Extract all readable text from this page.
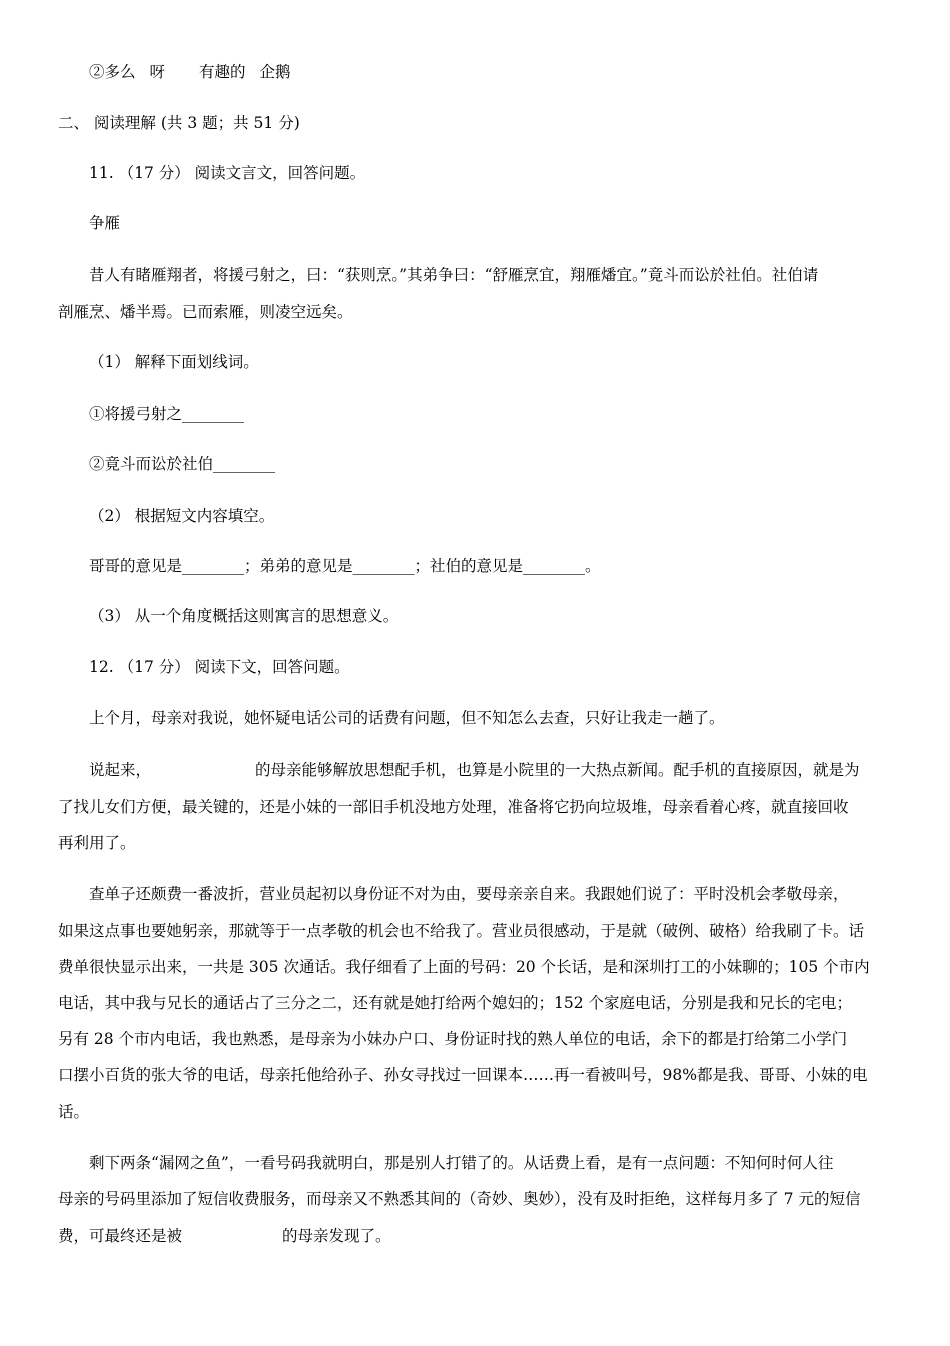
②多么 呀 有趣的 企鹅
二、 阅读理解 (共 3 题；共 51 分)
11. （17 分） 阅读文言文，回答问题。
争雁
昔人有睹雁翔者，将援弓射之，曰：“获则烹。”其弟争曰：“舒雁烹宜，翔雁燔宜。”竟斗而讼於社伯。社伯请
剖雁烹、燔半焉。已而索雁，则凌空远矣。
（1） 解释下面划线词。
①将援弓射之________
②竟斗而讼於社伯________
（2） 根据短文内容填空。
哥哥的意见是________；弟弟的意见是________；社伯的意见是________。
（3） 从一个角度概括这则寓言的思想意义。
12. （17 分） 阅读下文，回答问题。
上个月，母亲对我说，她怀疑电话公司的话费有问题，但不知怎么去查，只好让我走一趟了。
说起来，	的母亲能够解放思想配手机，也算是小院里的一大热点新闻。配手机的直接原因，就是为
了找儿女们方便，最关键的，还是小妹的一部旧手机没地方处理，准备将它扔向垃圾堆，母亲看着心疼，就直接回收
再利用了。
查单子还颇费一番波折，营业员起初以身份证不对为由，要母亲亲自来。我跟她们说了：平时没机会孝敬母亲，
如果这点事也要她躬亲，那就等于一点孝敬的机会也不给我了。营业员很感动，于是就（破例、破格）给我刷了卡。话
费单很快显示出来，一共是 305 次通话。我仔细看了上面的号码：20 个长话，是和深圳打工的小妹聊的；105 个市内
电话，其中我与兄长的通话占了三分之二，还有就是她打给两个媳妇的；152 个家庭电话，分别是我和兄长的宅电；
另有 28 个市内电话，我也熟悉，是母亲为小妹办户口、身份证时找的熟人单位的电话，余下的都是打给第二小学门
口摆小百货的张大爷的电话，母亲托他给孙子、孙女寻找过一回课本……再一看被叫号，98%都是我、哥哥、小妹的电
话。
剩下两条“漏网之鱼”，一看号码我就明白，那是别人打错了的。从话费上看，是有一点问题：不知何时何人往
母亲的号码里添加了短信收费服务，而母亲又不熟悉其间的（奇妙、奥妙），没有及时拒绝，这样每月多了 7 元的短信
费，可最终还是被	的母亲发现了。
